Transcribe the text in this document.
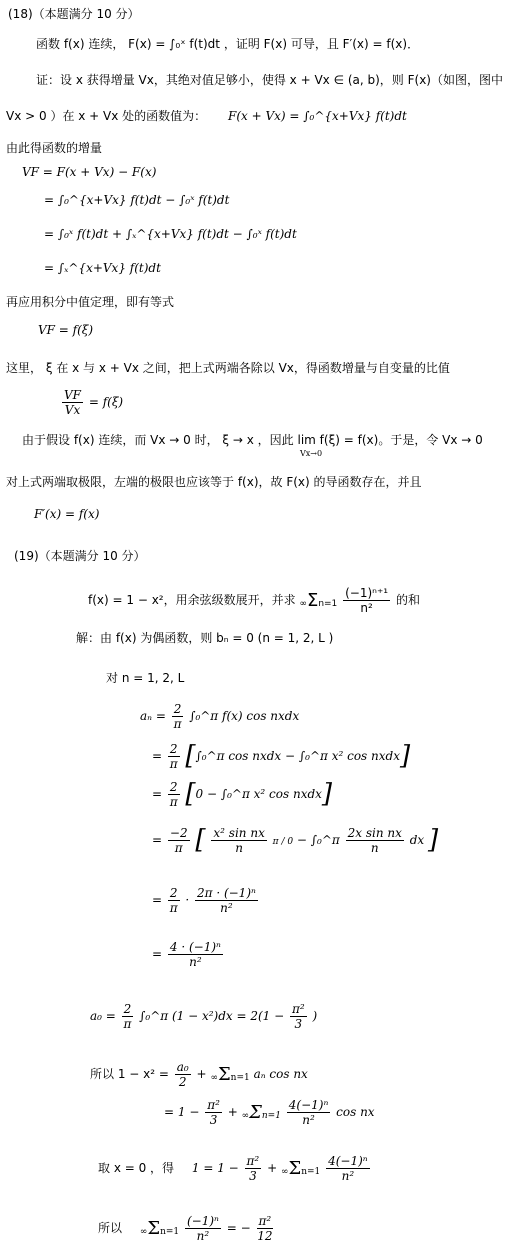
(18)（本题满分 10 分）
函数 f(x) 连续， F(x) = ∫₀ˣ f(t)dt ，证明 F(x) 可导，且 F′(x) = f(x)．
证：设 x 获得增量 Vx，其绝对值足够小，使得 x + Vx ∈ (a, b)，则 F(x)（如图，图中
Vx > 0 ）在 x + Vx 处的函数值为： F(x + Vx) = ∫₀^{x+Vx} f(t)dt
由此得函数的增量
VF = F(x + Vx) − F(x)
= ∫₀^{x+Vx} f(t)dt − ∫₀ˣ f(t)dt
= ∫₀ˣ f(t)dt + ∫ₓ^{x+Vx} f(t)dt − ∫₀ˣ f(t)dt
= ∫ₓ^{x+Vx} f(t)dt
再应用积分中值定理，即有等式
VF = f(ξ)
这里， ξ 在 x 与 x + Vx 之间，把上式两端各除以 Vx，得函数增量与自变量的比值
$\frac{VF}{Vx} = f(\xi)$
由于假设 f(x) 连续，而 Vx → 0 时， ξ → x ，因此 lim f(ξ) = f(x)。于是，令 Vx → 0
Vx→0
对上式两端取极限，左端的极限也应该等于 f(x)，故 F(x) 的导函数存在，并且
F′(x) = f(x)
(19)（本题满分 10 分）
f(x) = 1 − x²，用余弦级数展开，并求 $\infty\Sigma n=1 \frac{\text{(−1)ⁿ⁺¹}}{\text{n²}}$ 的和
解：由 f(x) 为偶函数，则 bₙ = 0 (n = 1, 2, L )
对 n = 1, 2, L
$a_n = \frac{2}{\pi}$ ∫₀^π f(x) cos nxdx
= $\frac{2}{\pi}$ [∫₀^π cos nxdx − ∫₀^π x² cos nxdx]
= $\frac{2}{\pi} [0$ − ∫₀^π x² cos nxdx]
= $\frac{-2}{\pi}$ [ $\frac{\text{x² sin nx}}{n}$ π / 0 − ∫₀^π $\frac{\text{2x sin nx}}{n}$ dx ]
= $\frac{2}{\pi} \cdot \frac{\text{2π · (−1)ⁿ}}{\text{n²}}$
= $\frac{\text{4 · (−1)ⁿ}}{\text{n²}}$
$a_0 = \frac{2}{\pi}$ ∫₀^π $(1 - x^2)dx = 2(1 - \frac{\text{π²}}{3}$ )
所以 $1 - x^2 = \frac{\text{a₀}}{2} + \infty\Sigma n=1$ aₙ cos nx
= $1 - \frac{\text{π²}}{3} + \infty\Sigma n=1 \frac{\text{4(−1)ⁿ}}{\text{n²}}$ cos nx
取 x = 0 ，得 $1 = 1 - \frac{\text{π²}}{3} + \infty\Sigma n=1 \frac{\text{4(−1)ⁿ}}{\text{n²}}$
所以 $\infty\Sigma n=1 \frac{\text{(−1)ⁿ}}{\text{n²}}$ = − $\frac{\text{π²}}{12}$
